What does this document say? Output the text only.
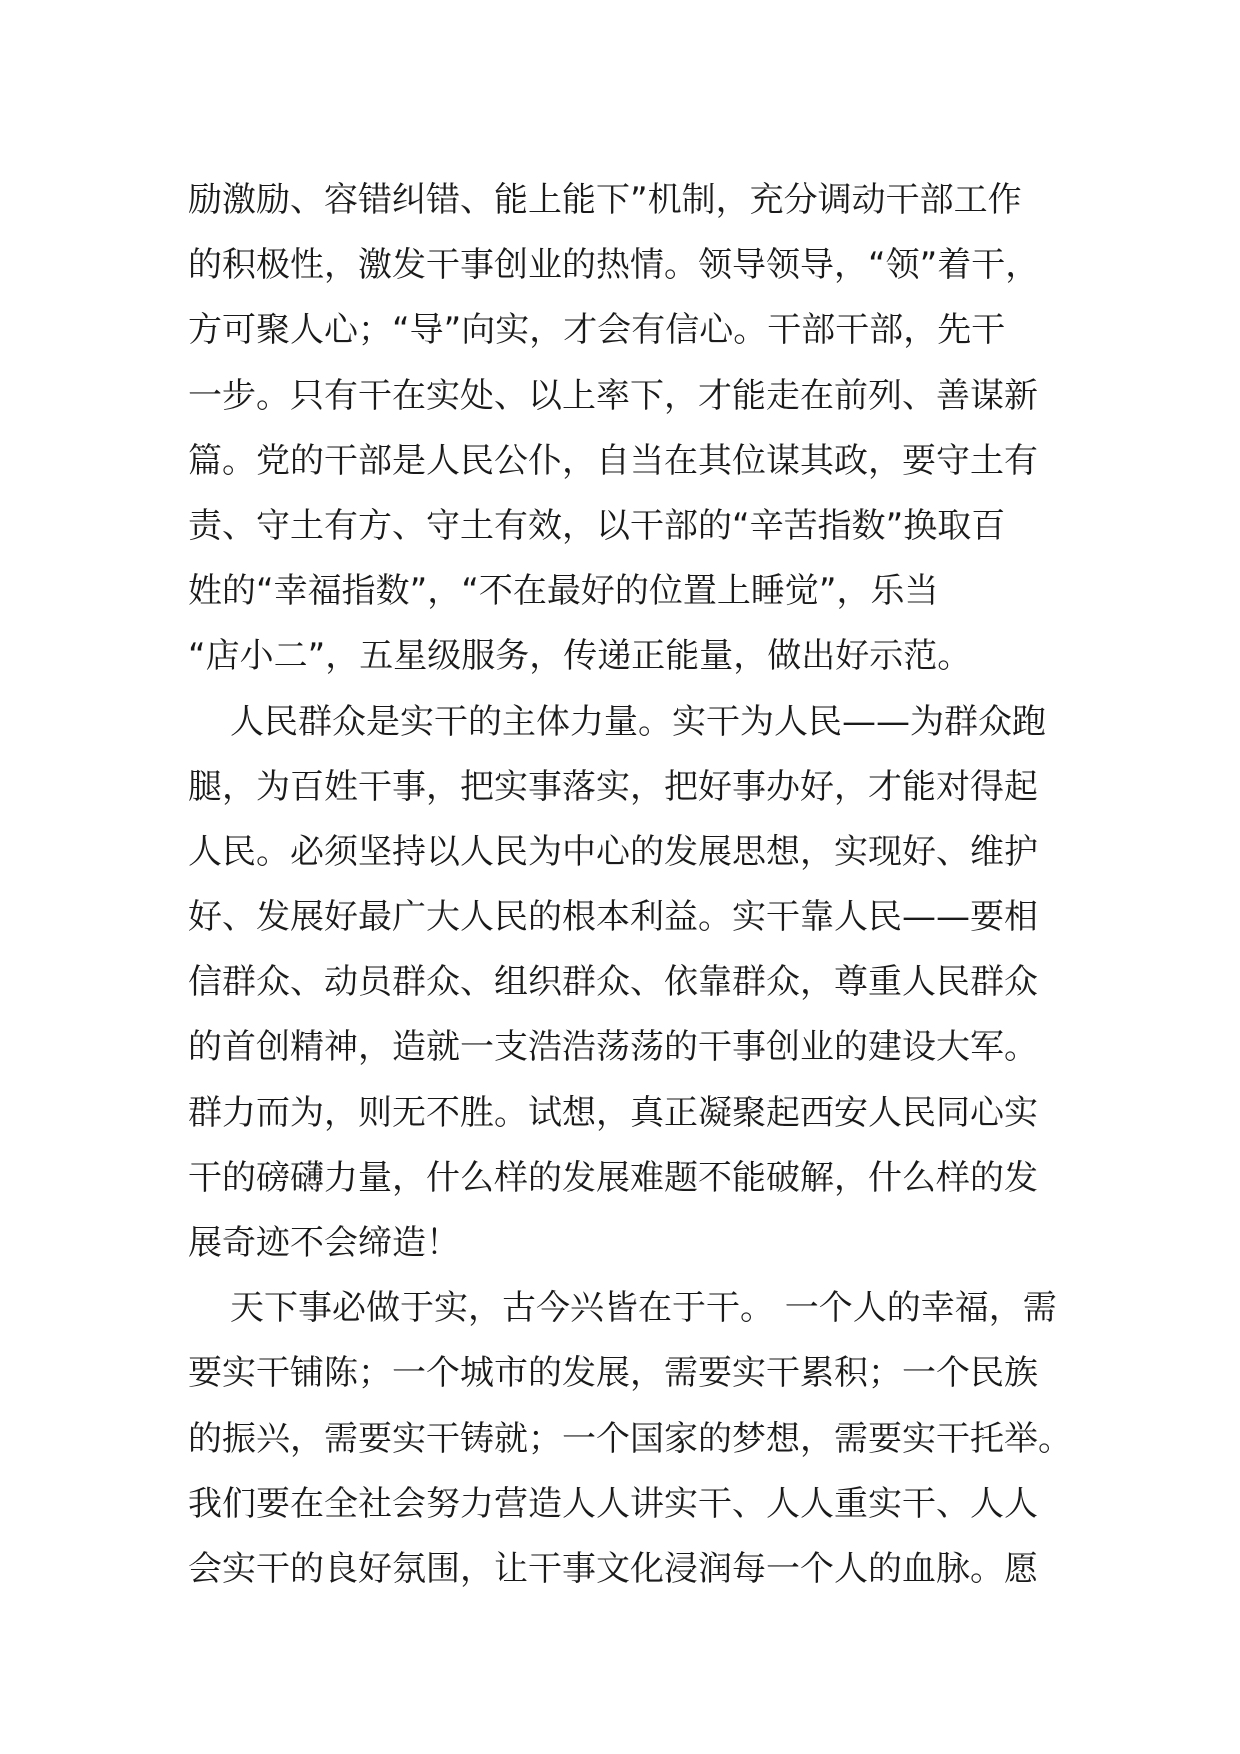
励激励、容错纠错、能上能下”机制，充分调动干部工作
的积极性，激发干事创业的热情。领导领导，“领”着干，
方可聚人心；“导”向实，才会有信心。干部干部，先干
一步。只有干在实处、以上率下，才能走在前列、善谋新
篇。党的干部是人民公仆，自当在其位谋其政，要守土有
责、守土有方、守土有效，以干部的“辛苦指数”换取百
姓的“幸福指数”，“不在最好的位置上睡觉”，乐当
“店小二”，五星级服务，传递正能量，做出好示范。
人民群众是实干的主体力量。实干为人民——为群众跑
腿，为百姓干事，把实事落实，把好事办好，才能对得起
人民。必须坚持以人民为中心的发展思想，实现好、维护
好、发展好最广大人民的根本利益。实干靠人民——要相
信群众、动员群众、组织群众、依靠群众，尊重人民群众
的首创精神，造就一支浩浩荡荡的干事创业的建设大军。
群力而为，则无不胜。试想，真正凝聚起西安人民同心实
干的磅礴力量，什么样的发展难题不能破解，什么样的发
展奇迹不会缔造！
天下事必做于实，古今兴皆在于干。 一个人的幸福，需
要实干铺陈；一个城市的发展，需要实干累积；一个民族
的振兴，需要实干铸就；一个国家的梦想，需要实干托举。
我们要在全社会努力营造人人讲实干、人人重实干、人人
会实干的良好氛围，让干事文化浸润每一个人的血脉。愿
